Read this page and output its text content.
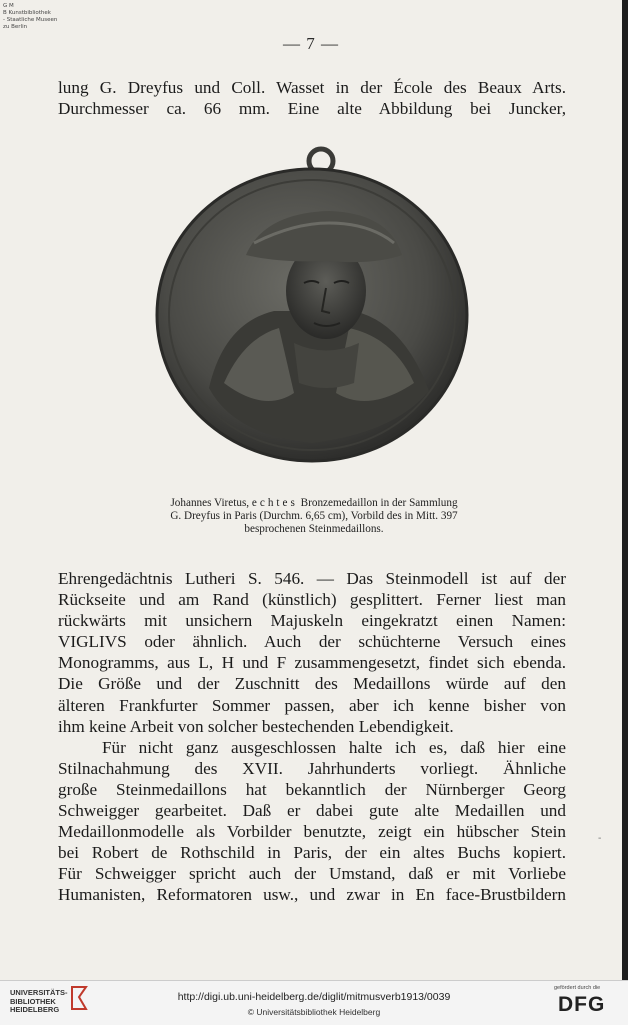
G M
B Kunstbibliothek
- Staatliche Museen
zu Berlin
— 7 —
lung G. Dreyfus und Coll. Wasset in der École des Beaux Arts.
Durchmesser ca. 66 mm. Eine alte Abbildung bei Juncker,
Johannes Viretus, echtes Bronzemedaillon in der Sammlung
G. Dreyfus in Paris (Durchm. 6,65 cm), Vorbild des in Mitt. 397
besprochenen Steinmedaillons.
Ehrengedächtnis Lutheri S. 546. — Das Steinmodell ist auf der
Rückseite und am Rand (künstlich) gesplittert. Ferner liest man
rückwärts mit unsichern Majuskeln eingekratzt einen Namen:
VIGLIVS oder ähnlich. Auch der schüchterne Versuch eines
Monogramms, aus L, H und F zusammengesetzt, findet sich ebenda.
Die Größe und der Zuschnitt des Medaillons würde auf den
älteren Frankfurter Sommer passen, aber ich kenne bisher von
ihm keine Arbeit von solcher bestechenden Lebendigkeit.
Für nicht ganz ausgeschlossen halte ich es, daß hier eine
Stilnachahmung des XVII. Jahrhunderts vorliegt. Ähnliche
große Steinmedaillons hat bekanntlich der Nürnberger Georg
Schweigger gearbeitet. Daß er dabei gute alte Medaillen und
Medaillonmodelle als Vorbilder benutzte, zeigt ein hübscher Stein
bei Robert de Rothschild in Paris, der ein altes Buchs kopiert.
Für Schweigger spricht auch der Umstand, daß er mit Vorliebe
Humanisten, Reformatoren usw., und zwar in En face-Brustbildern
-
UNIVERSITÄTS-
BIBLIOTHEK
HEIDELBERG
http://digi.ub.uni-heidelberg.de/diglit/mitmusverb1913/0039
© Universitätsbibliothek Heidelberg
gefördert durch die
DFG
